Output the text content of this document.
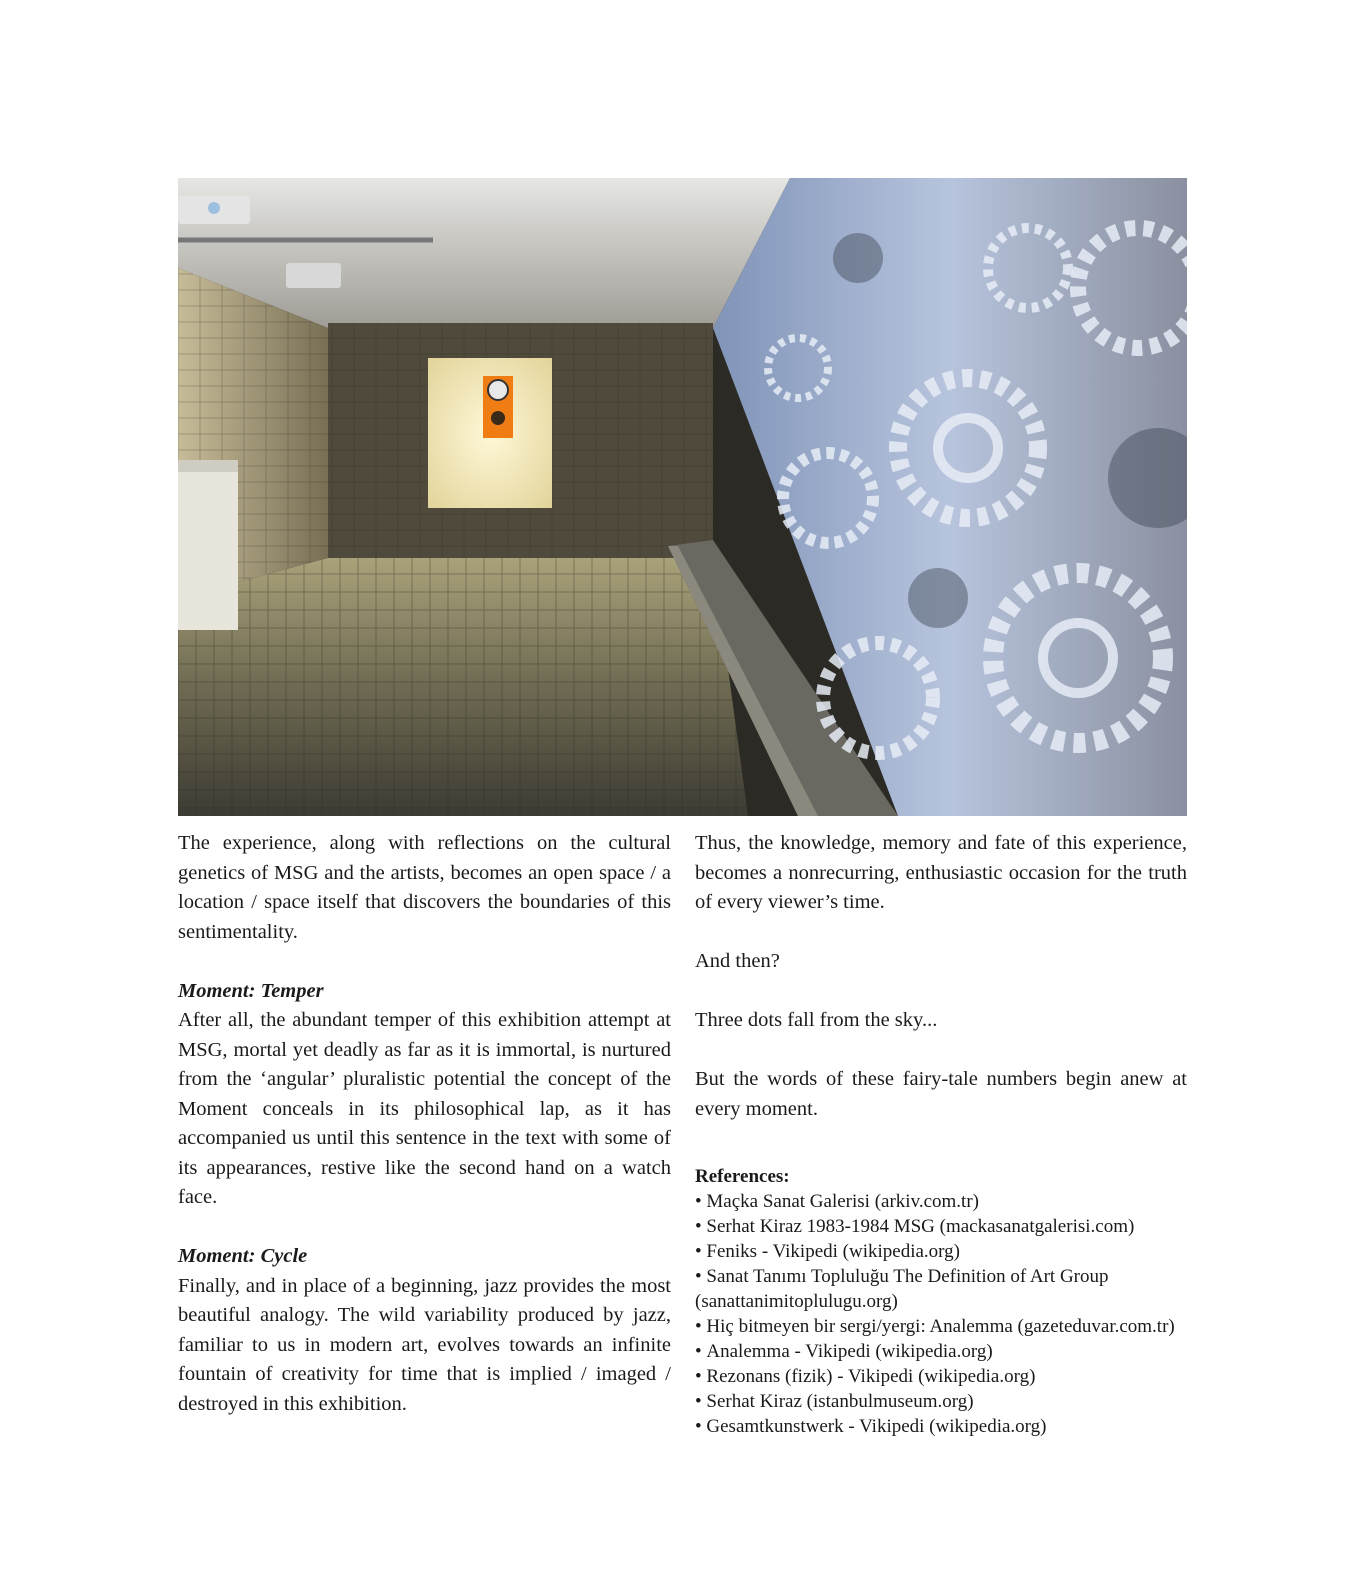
The experience, along with reflections on the cultural genetics of MSG and the artists, becomes an open space / a location / space itself that discovers the boundaries of this sentimentality.

Moment: Temper

After all, the abundant temper of this exhibition attempt at MSG, mortal yet deadly as far as it is immortal, is nurtured from the ‘angular’ pluralistic potential the concept of the Moment conceals in its philosophical lap, as it has accompanied us until this sentence in the text with some of its appearances, restive like the second hand on a watch face.

Moment: Cycle

Finally, and in place of a beginning, jazz provides the most beautiful analogy. The wild variability produced by jazz, familiar to us in modern art, evolves towards an infinite fountain of creativity for time that is implied / imaged / destroyed in this exhibition.

Thus, the knowledge, memory and fate of this experience, becomes a nonrecurring, enthusiastic occasion for the truth of every viewer’s time.

And then?

Three dots fall from the sky...

But the words of these fairy-tale numbers begin anew at every moment.

References:
• Maçka Sanat Galerisi (arkiv.com.tr)
• Serhat Kiraz 1983-1984 MSG (mackasanatgalerisi.com)
• Feniks - Vikipedi (wikipedia.org)
• Sanat Tanımı Topluluğu The Definition of Art Group (sanattanimitoplulugu.org)
• Hiç bitmeyen bir sergi/yergi: Analemma (gazeteduvar.com.tr)
• Analemma - Vikipedi (wikipedia.org)
• Rezonans (fizik) - Vikipedi (wikipedia.org)
• Serhat Kiraz (istanbulmuseum.org)
• Gesamtkunstwerk - Vikipedi (wikipedia.org)
